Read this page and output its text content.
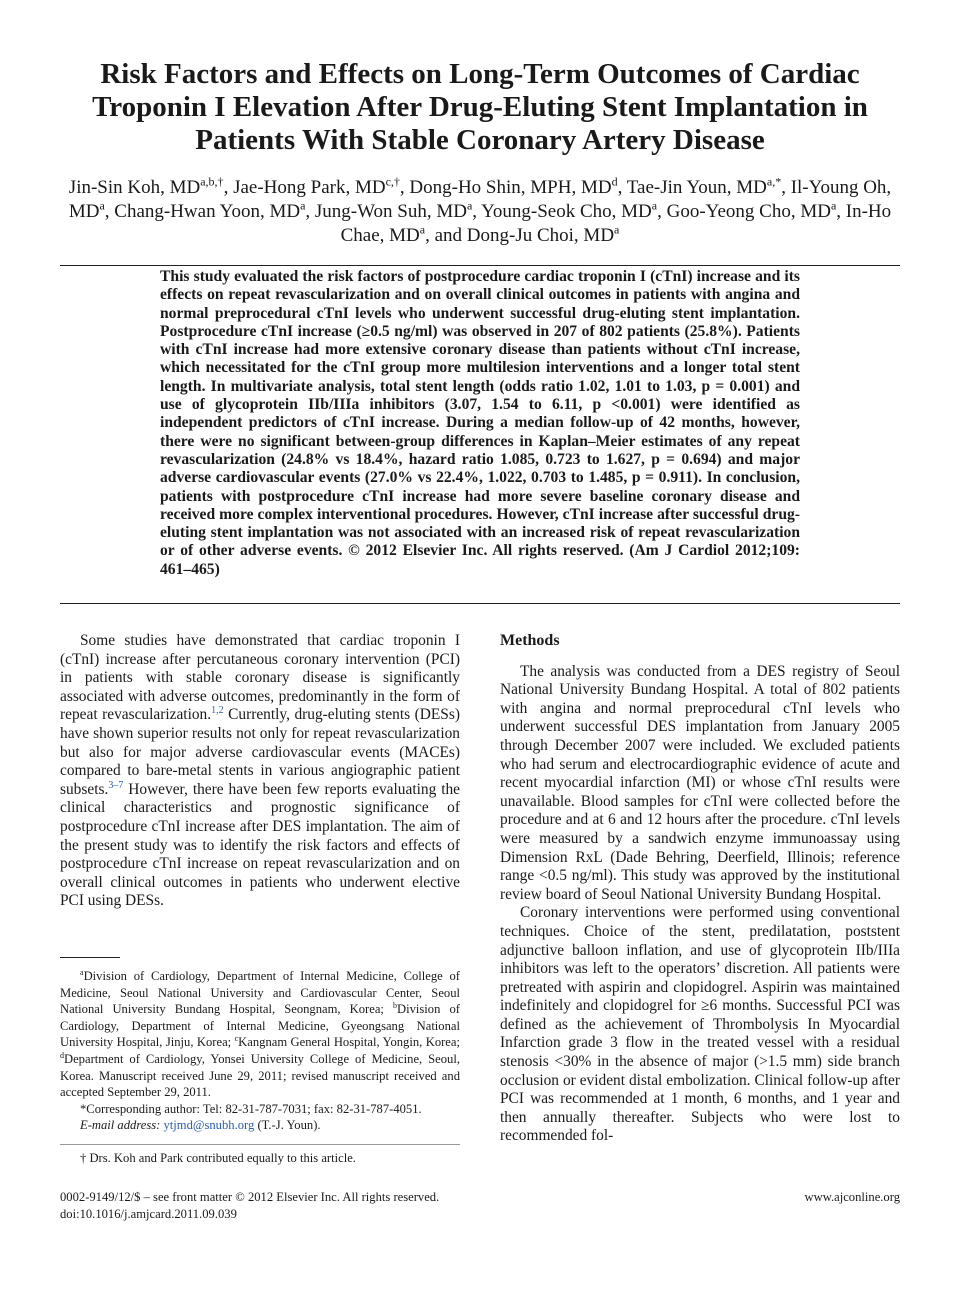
Risk Factors and Effects on Long-Term Outcomes of Cardiac Troponin I Elevation After Drug-Eluting Stent Implantation in Patients With Stable Coronary Artery Disease
Jin-Sin Koh, $MD^{a,b,\dagger}$, Jae-Hong Park, $MD^{c,\dagger}$, Dong-Ho Shin, MPH, $MD^d$, Tae-Jin Youn, $MD^{a,*}$, Il-Young Oh, $MD^a$, Chang-Hwan Yoon, $MD^a$, Jung-Won Suh, $MD^a$, Young-Seok Cho, $MD^a$, Goo-Yeong Cho, $MD^a$, In-Ho Chae, $MD^a$, and Dong-Ju Choi, $MD^a$

This study evaluated the risk factors of postprocedure cardiac troponin I (cTnI) increase and its effects on repeat revascularization and on overall clinical outcomes in patients with angina and normal preprocedural cTnI levels who underwent successful drug-eluting stent implantation. Postprocedure cTnI increase (≥0.5 ng/ml) was observed in 207 of 802 patients (25.8%). Patients with cTnI increase had more extensive coronary disease than patients without cTnI increase, which necessitated for the cTnI group more multilesion interventions and a longer total stent length. In multivariate analysis, total stent length (odds ratio 1.02, 1.01 to 1.03, p = 0.001) and use of glycoprotein IIb/IIIa inhibitors (3.07, 1.54 to 6.11, p <0.001) were identified as independent predictors of cTnI increase. During a median follow-up of 42 months, however, there were no significant between-group differences in Kaplan–Meier estimates of any repeat revascularization (24.8% vs 18.4%, hazard ratio 1.085, 0.723 to 1.627, p = 0.694) and major adverse cardiovascular events (27.0% vs 22.4%, 1.022, 0.703 to 1.485, p = 0.911). In conclusion, patients with postprocedure cTnI increase had more severe baseline coronary disease and received more complex interventional procedures. However, cTnI increase after successful drug-eluting stent implantation was not associated with an increased risk of repeat revascularization or of other adverse events. © 2012 Elsevier Inc. All rights reserved. (Am J Cardiol 2012;109: 461–465)

Some studies have demonstrated that cardiac troponin I (cTnI) increase after percutaneous coronary intervention (PCI) in patients with stable coronary disease is significantly associated with adverse outcomes, predominantly in the form of repeat revascularization.$^{1,2}$ Currently, drug-eluting stents (DESs) have shown superior results not only for repeat revascularization but also for major adverse cardiovascular events (MACEs) compared to bare-metal stents in various angiographic patient subsets.$^{3-7}$ However, there have been few reports evaluating the clinical characteristics and prognostic significance of postprocedure cTnI increase after DES implantation. The aim of the present study was to identify the risk factors and effects of postprocedure cTnI increase on repeat revascularization and on overall clinical outcomes in patients who underwent elective PCI using DESs.

$^a$Division of Cardiology, Department of Internal Medicine, College of Medicine, Seoul National University and Cardiovascular Center, Seoul National University Bundang Hospital, Seongnam, Korea; $^b$Division of Cardiology, Department of Internal Medicine, Gyeongsang National University Hospital, Jinju, Korea; $^c$Kangnam General Hospital, Yongin, Korea; $^d$Department of Cardiology, Yonsei University College of Medicine, Seoul, Korea. Manuscript received June 29, 2011; revised manuscript received and accepted September 29, 2011.

*Corresponding author: Tel: 82-31-787-7031; fax: 82-31-787-4051.

E-mail address: ytjmd@snubh.org (T.-J. Youn).

† Drs. Koh and Park contributed equally to this article.
Methods

The analysis was conducted from a DES registry of Seoul National University Bundang Hospital. A total of 802 patients with angina and normal preprocedural cTnI levels who underwent successful DES implantation from January 2005 through December 2007 were included. We excluded patients who had serum and electrocardiographic evidence of acute and recent myocardial infarction (MI) or whose cTnI results were unavailable. Blood samples for cTnI were collected before the procedure and at 6 and 12 hours after the procedure. cTnI levels were measured by a sandwich enzyme immunoassay using Dimension RxL (Dade Behring, Deerfield, Illinois; reference range <0.5 ng/ml). This study was approved by the institutional review board of Seoul National University Bundang Hospital.

Coronary interventions were performed using conventional techniques. Choice of the stent, predilatation, poststent adjunctive balloon inflation, and use of glycoprotein IIb/IIIa inhibitors was left to the operators’ discretion. All patients were pretreated with aspirin and clopidogrel. Aspirin was maintained indefinitely and clopidogrel for ≥6 months. Successful PCI was defined as the achievement of Thrombolysis In Myocardial Infarction grade 3 flow in the treated vessel with a residual stenosis <30% in the absence of major (>1.5 mm) side branch occlusion or evident distal embolization. Clinical follow-up after PCI was recommended at 1 month, 6 months, and 1 year and then annually thereafter. Subjects who were lost to recommended fol-

0002-9149/12/$ – see front matter © 2012 Elsevier Inc. All rights reserved.
doi:10.1016/j.amjcard.2011.09.039
www.ajconline.org
